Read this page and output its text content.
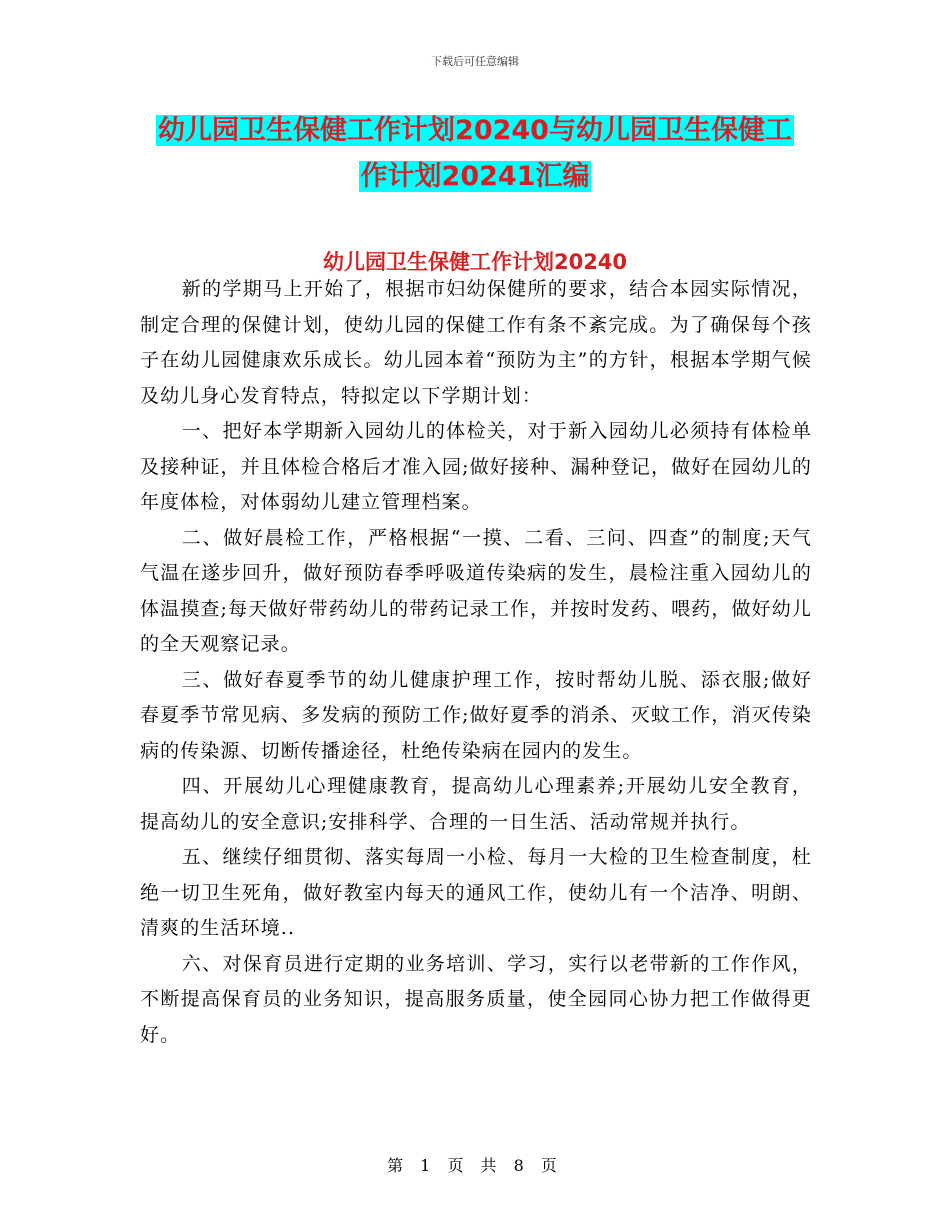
下载后可任意编辑
幼儿园卫生保健工作计划20240与幼儿园卫生保健工
作计划20241汇编
幼儿园卫生保健工作计划20240

新的学期马上开始了，根据市妇幼保健所的要求，结合本园实际情况，制定合理的保健计划，使幼儿园的保健工作有条不紊完成。为了确保每个孩子在幼儿园健康欢乐成长。幼儿园本着“预防为主”的方针，根据本学期气候及幼儿身心发育特点，特拟定以下学期计划：

一、把好本学期新入园幼儿的体检关，对于新入园幼儿必须持有体检单及接种证，并且体检合格后才准入园;做好接种、漏种登记，做好在园幼儿的年度体检，对体弱幼儿建立管理档案。

二、做好晨检工作，严格根据“一摸、二看、三问、四查”的制度;天气气温在遂步回升，做好预防春季呼吸道传染病的发生，晨检注重入园幼儿的体温摸查;每天做好带药幼儿的带药记录工作，并按时发药、喂药，做好幼儿的全天观察记录。

三、做好春夏季节的幼儿健康护理工作，按时帮幼儿脱、添衣服;做好春夏季节常见病、多发病的预防工作;做好夏季的消杀、灭蚊工作，消灭传染病的传染源、切断传播途径，杜绝传染病在园内的发生。

四、开展幼儿心理健康教育，提高幼儿心理素养;开展幼儿安全教育，提高幼儿的安全意识;安排科学、合理的一日生活、活动常规并执行。

五、继续仔细贯彻、落实每周一小检、每月一大检的卫生检查制度，杜绝一切卫生死角，做好教室内每天的通风工作，使幼儿有一个洁净、明朗、清爽的生活环境..

六、对保育员进行定期的业务培训、学习，实行以老带新的工作作风，不断提高保育员的业务知识，提高服务质量，使全园同心协力把工作做得更好。

第 1 页 共 8 页
